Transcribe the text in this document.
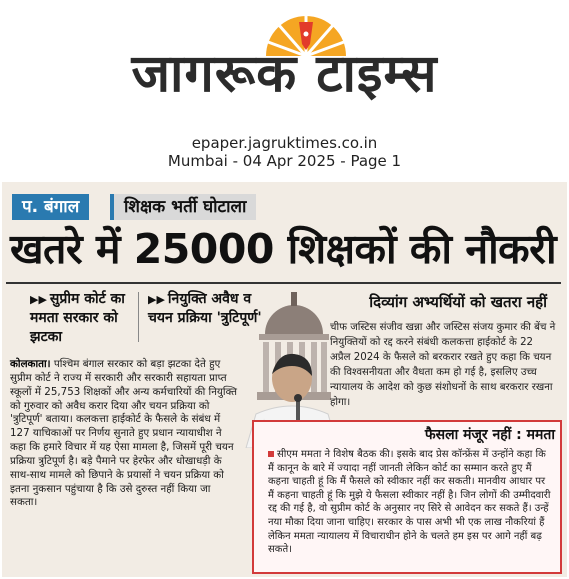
जागरूक टाइम्स
epaper.jagruktimes.co.in
Mumbai - 04 Apr 2025 - Page 1
प. बंगाल	शिक्षक भर्ती घोटाला
खतरे में 25000 शिक्षकों की नौकरी
▶▶ सुप्रीम कोर्ट का ममता सरकार को झटका
▶▶ नियुक्ति अवैध व चयन प्रक्रिया 'त्रुटिपूर्ण'
दिव्यांग अभ्यर्थियों को खतरा नहीं
चीफ जस्टिस संजीव खन्ना और जस्टिस संजय कुमार की बेंच ने नियुक्तियों को रद्द करने संबंधी कलकत्ता हाईकोर्ट के 22 अप्रैल 2024 के फैसले को बरकरार रखते हुए कहा कि चयन की विश्वसनीयता और वैधता कम हो गई है, इसलिए उच्च न्यायालय के आदेश को कुछ संशोधनों के साथ बरकरार रखना होगा।
कोलकाता। पश्चिम बंगाल सरकार को बड़ा झटका देते हुए सुप्रीम कोर्ट ने राज्य में सरकारी और सरकारी सहायता प्राप्त स्कूलों में 25,753 शिक्षकों और अन्य कर्मचारियों की नियुक्ति को गुरुवार को अवैध करार दिया और चयन प्रक्रिया को 'त्रुटिपूर्ण' बताया। कलकत्ता हाईकोर्ट के फैसले के संबंध में 127 याचिकाओं पर निर्णय सुनाते हुए प्रधान न्यायाधीश ने कहा कि हमारे विचार में यह ऐसा मामला है, जिसमें पूरी चयन प्रक्रिया त्रुटिपूर्ण है। बड़े पैमाने पर हेरफेर और धोखाधड़ी के साथ-साथ मामले को छिपाने के प्रयासों ने चयन प्रक्रिया को इतना नुकसान पहुंचाया है कि उसे दुरुस्त नहीं किया जा सकता।
फैसला मंजूर नहीं : ममता
सीएम ममता ने विशेष बैठक की। इसके बाद प्रेस कॉन्फ्रेंस में उन्होंने कहा कि मैं कानून के बारे में ज्यादा नहीं जानती लेकिन कोर्ट का सम्मान करते हुए मैं कहना चाहती हूं कि मैं फैसले को स्वीकार नहीं कर सकती। मानवीय आधार पर मैं कहना चाहती हूं कि मुझे ये फैसला स्वीकार नहीं है। जिन लोगों की उम्मीदवारी रद्द की गई है, वो सुप्रीम कोर्ट के अनुसार नए सिरे से आवेदन कर सकते हैं। उन्हें नया मौका दिया जाना चाहिए। सरकार के पास अभी भी एक लाख नौकरियां हैं लेकिन ममता न्यायालय में विचाराधीन होने के चलते हम इस पर आगे नहीं बढ़ सकते।
